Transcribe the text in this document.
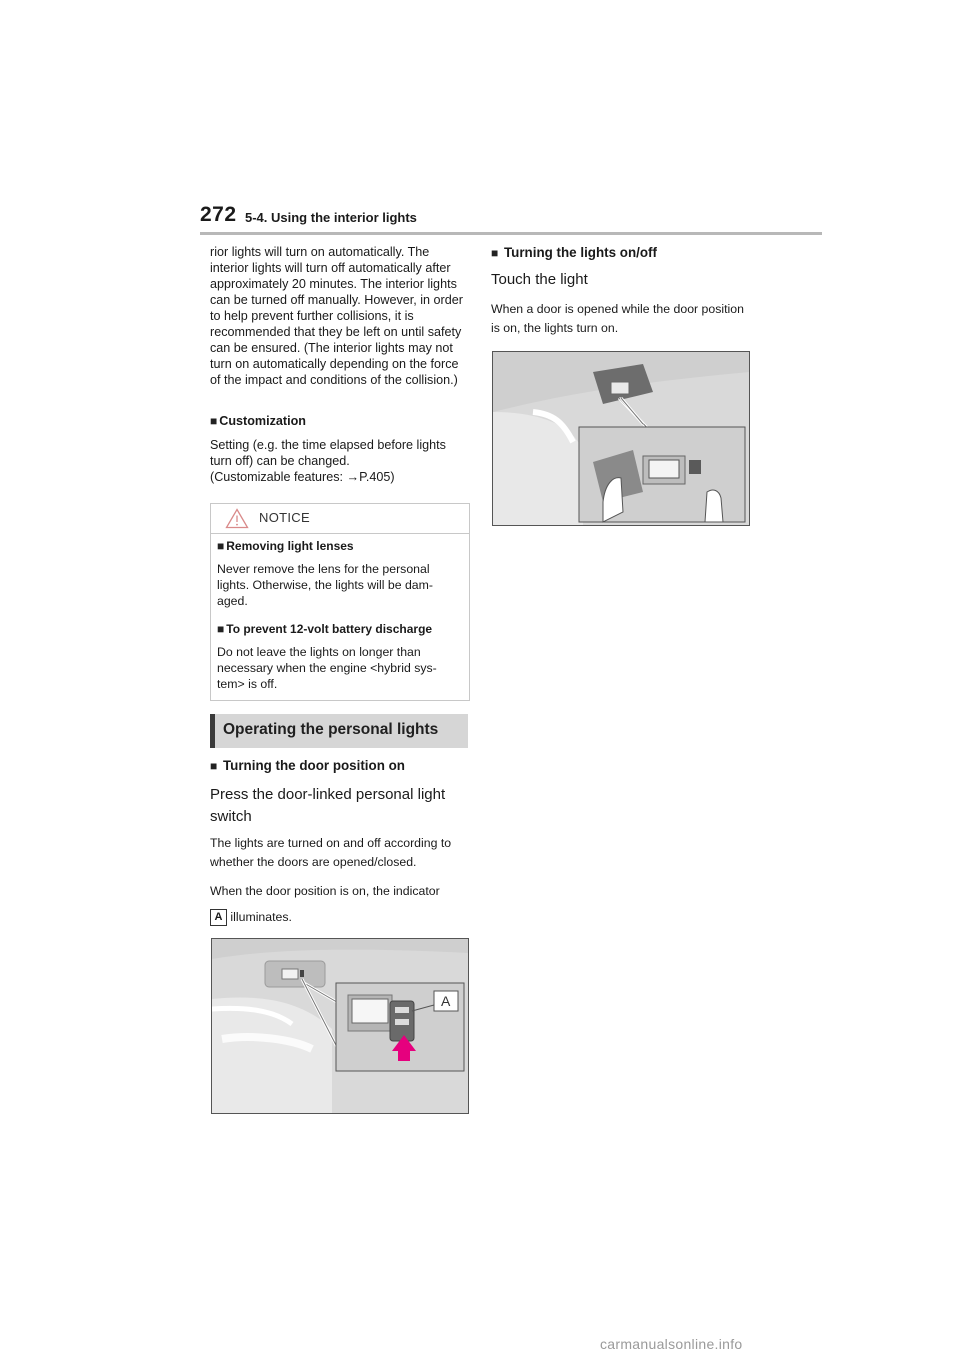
272 5-4. Using the interior lights
rior lights will turn on automatically. The interior lights will turn off automatically after approximately 20 minutes. The interior lights can be turned off manually. However, in order to help prevent further collisions, it is recommended that they be left on until safety can be ensured. (The interior lights may not turn on automatically depending on the force of the impact and conditions of the collision.)
■ Customization
Setting (e.g. the time elapsed before lights turn off) can be changed.
(Customizable features: →P.405)
NOTICE
■ Removing light lenses
Never remove the lens for the personal lights. Otherwise, the lights will be dam-aged.
■ To prevent 12-volt battery discharge
Do not leave the lights on longer than necessary when the engine <hybrid sys-tem> is off.
Operating the personal lights
■ Turning the door position on
Press the door-linked personal light switch
The lights are turned on and off according to whether the doors are opened/closed.
When the door position is on, the indicator
A illuminates.
A
■ Turning the lights on/off
Touch the light
When a door is opened while the door position is on, the lights turn on.
carmanualsonline.info
